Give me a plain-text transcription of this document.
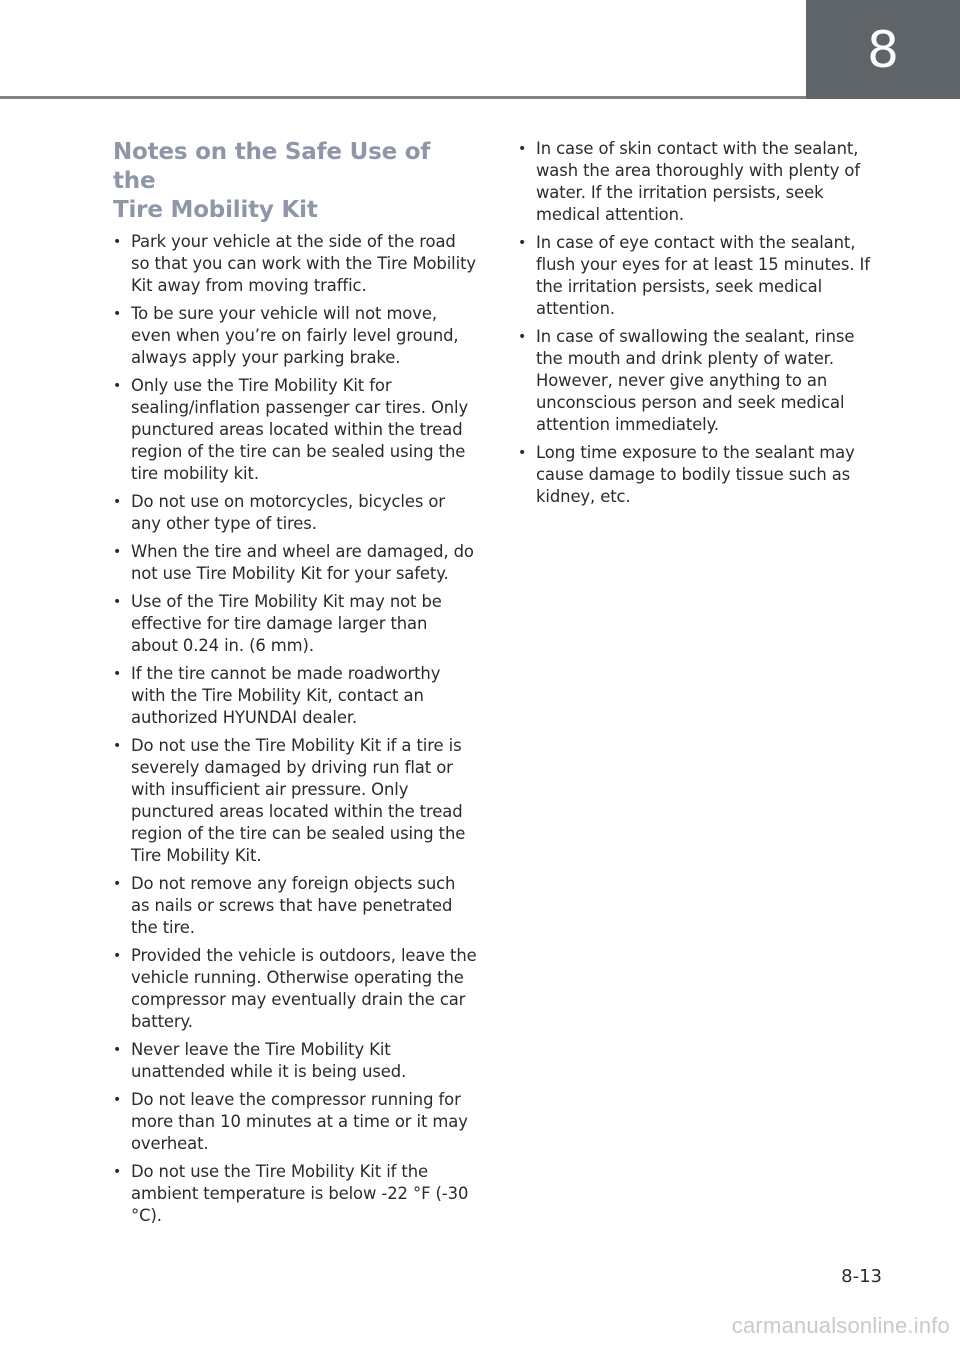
8
Notes on the Safe Use of the
Tire Mobility Kit
• Park your vehicle at the side of the road so that you can work with the Tire Mobility Kit away from moving traffic.
• To be sure your vehicle will not move, even when you’re on fairly level ground, always apply your parking brake.
• Only use the Tire Mobility Kit for sealing/inflation passenger car tires. Only punctured areas located within the tread region of the tire can be sealed using the tire mobility kit.
• Do not use on motorcycles, bicycles or any other type of tires.
• When the tire and wheel are damaged, do not use Tire Mobility Kit for your safety.
• Use of the Tire Mobility Kit may not be effective for tire damage larger than about 0.24 in. (6 mm).
• If the tire cannot be made roadworthy with the Tire Mobility Kit, contact an authorized HYUNDAI dealer.
• Do not use the Tire Mobility Kit if a tire is severely damaged by driving run flat or with insufficient air pressure. Only punctured areas located within the tread region of the tire can be sealed using the Tire Mobility Kit.
• Do not remove any foreign objects such as nails or screws that have penetrated the tire.
• Provided the vehicle is outdoors, leave the vehicle running. Otherwise operating the compressor may eventually drain the car battery.
• Never leave the Tire Mobility Kit unattended while it is being used.
• Do not leave the compressor running for more than 10 minutes at a time or it may overheat.
• Do not use the Tire Mobility Kit if the ambient temperature is below -22 °F (-30 °C).
• In case of skin contact with the sealant, wash the area thoroughly with plenty of water. If the irritation persists, seek medical attention.
• In case of eye contact with the sealant, flush your eyes for at least 15 minutes. If the irritation persists, seek medical attention.
• In case of swallowing the sealant, rinse the mouth and drink plenty of water. However, never give anything to an unconscious person and seek medical attention immediately.
• Long time exposure to the sealant may cause damage to bodily tissue such as kidney, etc.
8-13
carmanualsonline.info
